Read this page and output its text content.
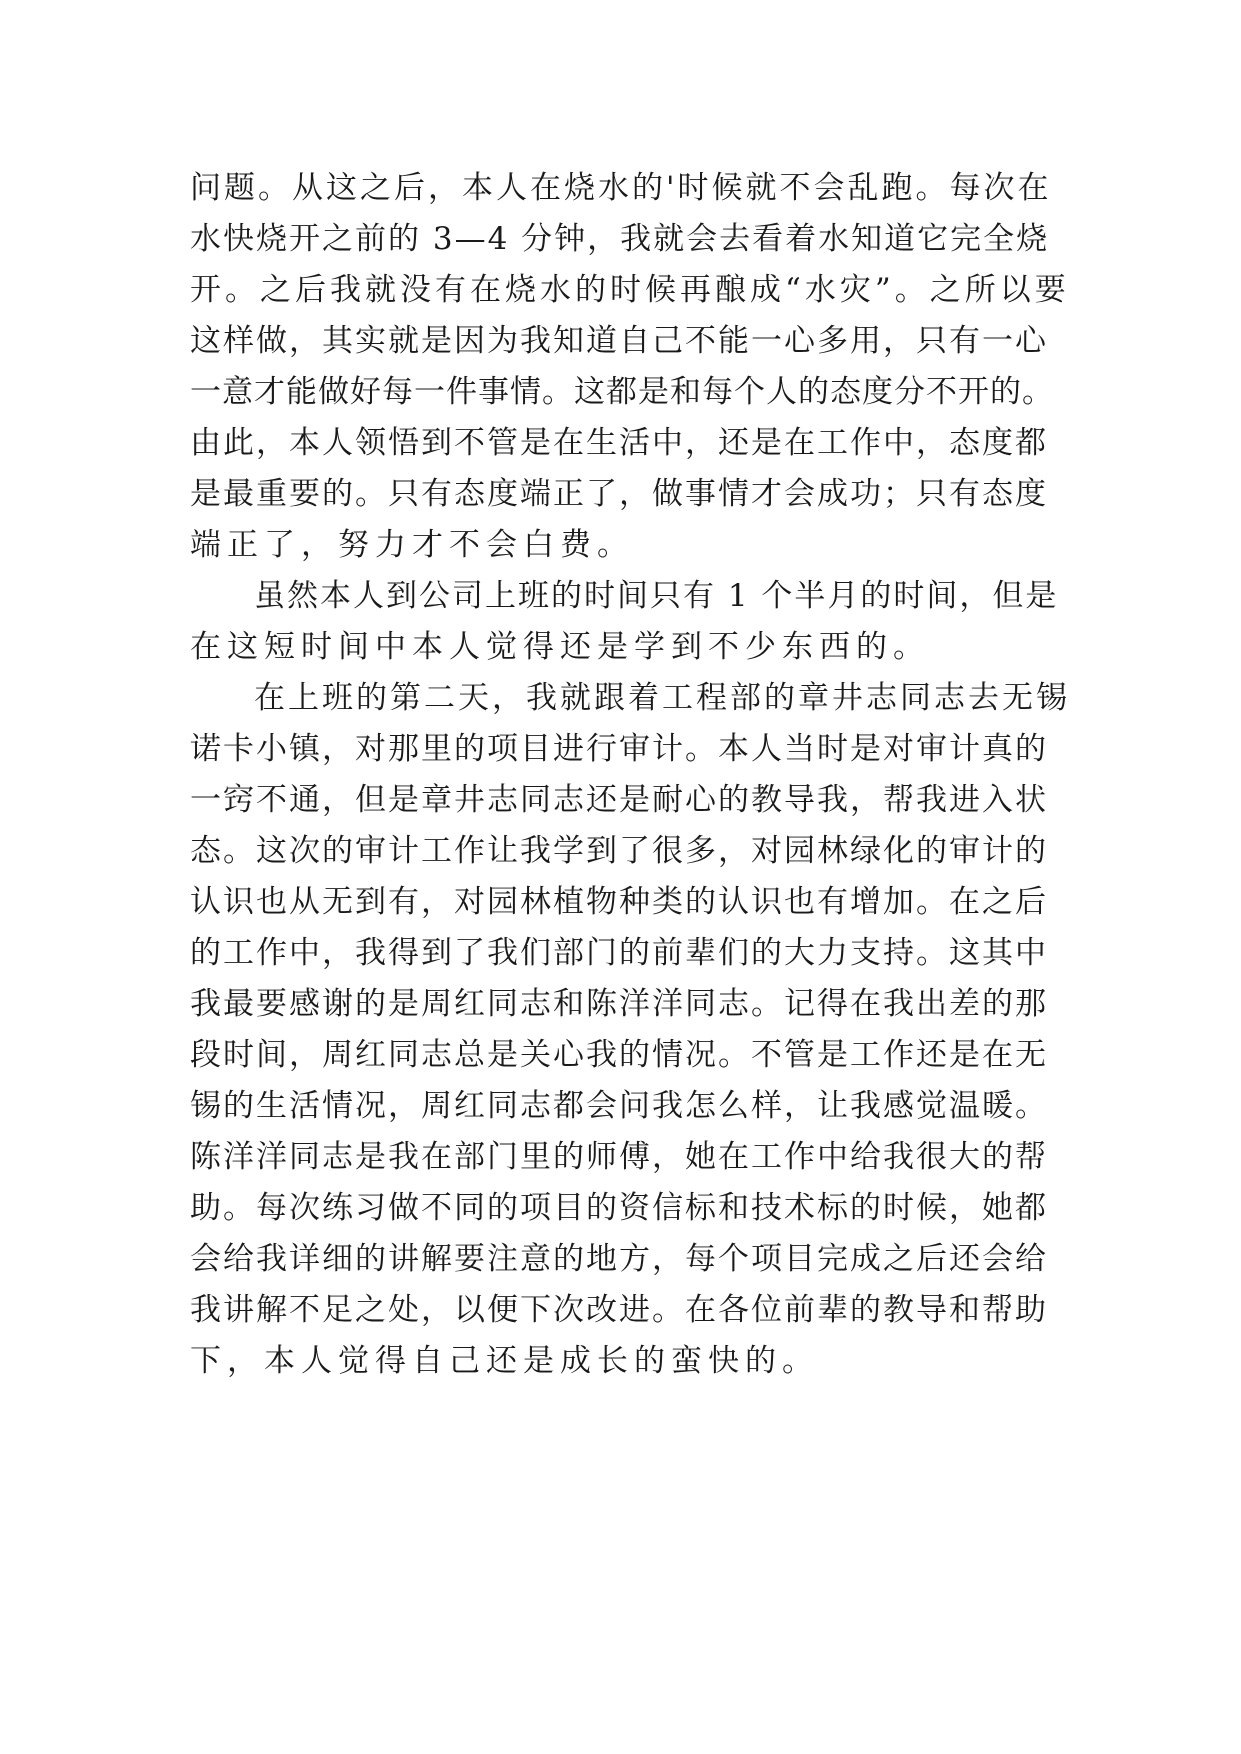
问题。从这之后，本人在烧水的'时候就不会乱跑。每次在
水快烧开之前的 3—4 分钟，我就会去看着水知道它完全烧
开。之后我就没有在烧水的时候再酿成“水灾”。之所以要
这样做，其实就是因为我知道自己不能一心多用，只有一心
一意才能做好每一件事情。这都是和每个人的态度分不开的。
由此，本人领悟到不管是在生活中，还是在工作中，态度都
是最重要的。只有态度端正了，做事情才会成功；只有态度
端正了，努力才不会白费。
虽然本人到公司上班的时间只有 1 个半月的时间，但是
在这短时间中本人觉得还是学到不少东西的。
在上班的第二天，我就跟着工程部的章井志同志去无锡
诺卡小镇，对那里的项目进行审计。本人当时是对审计真的
一窍不通，但是章井志同志还是耐心的教导我，帮我进入状
态。这次的审计工作让我学到了很多，对园林绿化的审计的
认识也从无到有，对园林植物种类的认识也有增加。在之后
的工作中，我得到了我们部门的前辈们的大力支持。这其中
我最要感谢的是周红同志和陈洋洋同志。记得在我出差的那
段时间，周红同志总是关心我的情况。不管是工作还是在无
锡的生活情况，周红同志都会问我怎么样，让我感觉温暖。
陈洋洋同志是我在部门里的师傅，她在工作中给我很大的帮
助。每次练习做不同的项目的资信标和技术标的时候，她都
会给我详细的讲解要注意的地方，每个项目完成之后还会给
我讲解不足之处，以便下次改进。在各位前辈的教导和帮助
下，本人觉得自己还是成长的蛮快的。
